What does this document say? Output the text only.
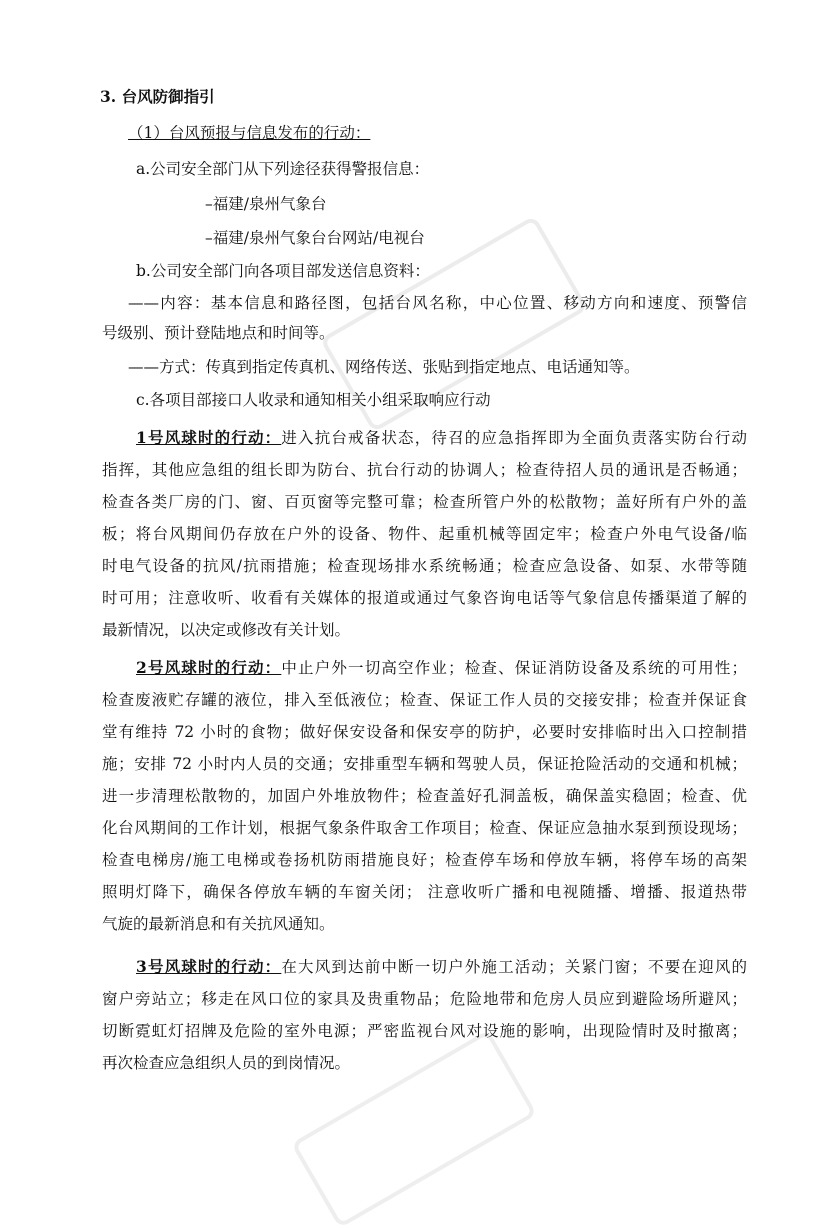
3. 台风防御指引
（1）台风预报与信息发布的行动：
a.公司安全部门从下列途径获得警报信息：
–福建/泉州气象台
–福建/泉州气象台台网站/电视台
b.公司安全部门向各项目部发送信息资料：
——内容：基本信息和路径图，包括台风名称，中心位置、移动方向和速度、预警信
号级别、预计登陆地点和时间等。
——方式：传真到指定传真机、网络传送、张贴到指定地点、电话通知等。
c.各项目部接口人收录和通知相关小组采取响应行动
1号风球时的行动：进入抗台戒备状态，待召的应急指挥即为全面负责落实防台行动
指挥，其他应急组的组长即为防台、抗台行动的协调人；检查待招人员的通讯是否畅通；
检查各类厂房的门、窗、百页窗等完整可靠；检查所管户外的松散物；盖好所有户外的盖
板；将台风期间仍存放在户外的设备、物件、起重机械等固定牢；检查户外电气设备/临
时电气设备的抗风/抗雨措施；检查现场排水系统畅通；检查应急设备、如泵、水带等随
时可用；注意收听、收看有关媒体的报道或通过气象咨询电话等气象信息传播渠道了解的
最新情况，以决定或修改有关计划。
2号风球时的行动：中止户外一切高空作业；检查、保证消防设备及系统的可用性；
检查废液贮存罐的液位，排入至低液位；检查、保证工作人员的交接安排；检查并保证食
堂有维持 72 小时的食物；做好保安设备和保安亭的防护，必要时安排临时出入口控制措
施；安排 72 小时内人员的交通；安排重型车辆和驾驶人员，保证抢险活动的交通和机械；
进一步清理松散物的，加固户外堆放物件；检查盖好孔洞盖板，确保盖实稳固；检查、优
化台风期间的工作计划，根据气象条件取舍工作项目；检查、保证应急抽水泵到预设现场；
检查电梯房/施工电梯或卷扬机防雨措施良好；检查停车场和停放车辆，将停车场的高架
照明灯降下，确保各停放车辆的车窗关闭； 注意收听广播和电视随播、增播、报道热带
气旋的最新消息和有关抗风通知。
3号风球时的行动：在大风到达前中断一切户外施工活动；关紧门窗；不要在迎风的
窗户旁站立；移走在风口位的家具及贵重物品；危险地带和危房人员应到避险场所避风；
切断霓虹灯招牌及危险的室外电源；严密监视台风对设施的影响，出现险情时及时撤离；
再次检查应急组织人员的到岗情况。
